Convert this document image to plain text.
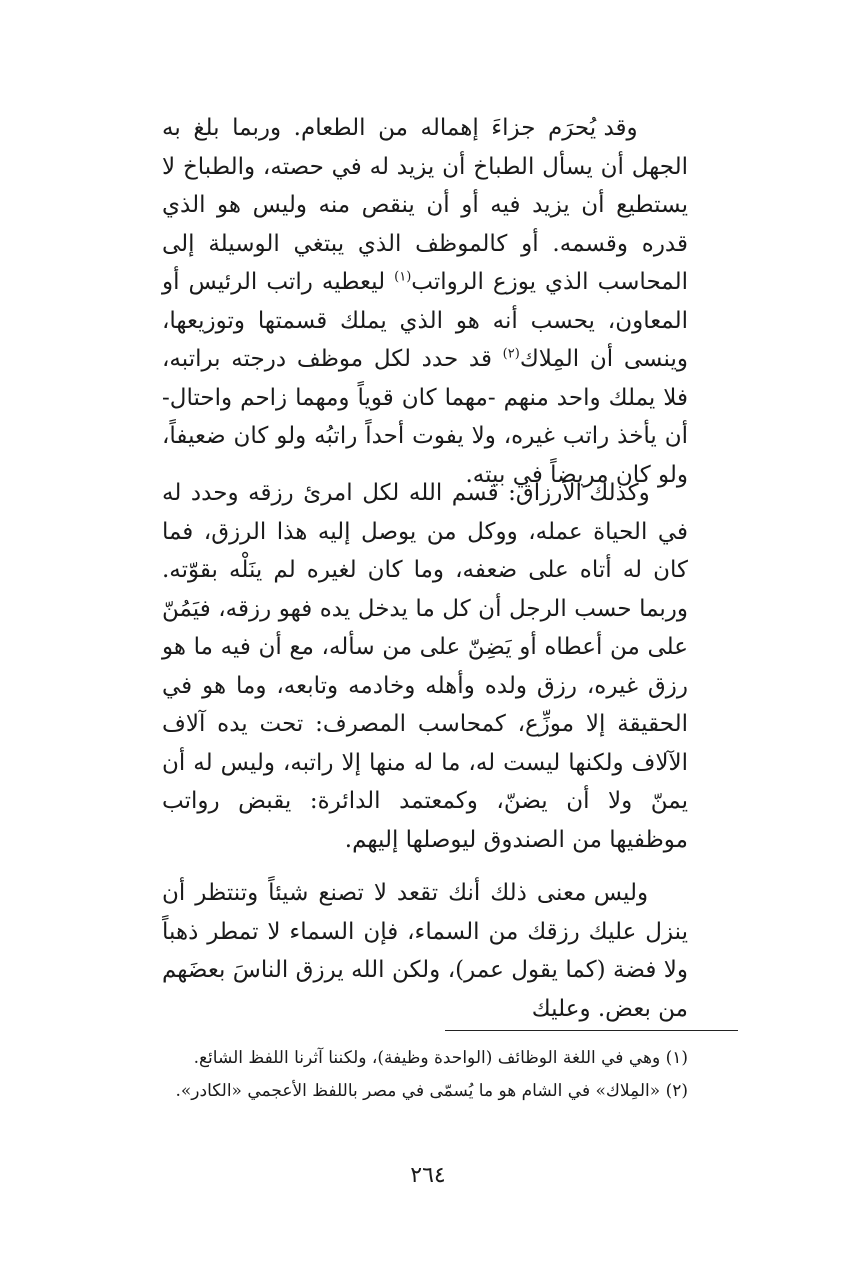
وقد يُحرَم جزاءَ إهماله من الطعام. وربما بلغ به الجهل أن يسأل الطباخ أن يزيد له في حصته، والطباخ لا يستطيع أن يزيد فيه أو أن ينقص منه وليس هو الذي قدره وقسمه. أو كالموظف الذي يبتغي الوسيلة إلى المحاسب الذي يوزع الرواتب$^{(١)}$ ليعطيه راتب الرئيس أو المعاون، يحسب أنه هو الذي يملك قسمتها وتوزيعها، وينسى أن المِلاك$^{(٢)}$ قد حدد لكل موظف درجته براتبه، فلا يملك واحد منهم -مهما كان قوياً ومهما زاحم واحتال- أن يأخذ راتب غيره، ولا يفوت أحداً راتبُه ولو كان ضعيفاً، ولو كان مريضاً في بيته.

وكذلك الأرزاق: قسم الله لكل امرئ رزقه وحدد له في الحياة عمله، ووكل من يوصل إليه هذا الرزق، فما كان له أتاه على ضعفه، وما كان لغيره لم ينَلْه بقوّته. وربما حسب الرجل أن كل ما يدخل يده فهو رزقه، فيَمُنّ على من أعطاه أو يَضِنّ على من سأله، مع أن فيه ما هو رزق غيره، رزق ولده وأهله وخادمه وتابعه، وما هو في الحقيقة إلا موزِّع، كمحاسب المصرف: تحت يده آلاف الآلاف ولكنها ليست له، ما له منها إلا راتبه، وليس له أن يمنّ ولا أن يضنّ، وكمعتمد الدائرة: يقبض رواتب موظفيها من الصندوق ليوصلها إليهم.

وليس معنى ذلك أنك تقعد لا تصنع شيئاً وتنتظر أن ينزل عليك رزقك من السماء، فإن السماء لا تمطر ذهباً ولا فضة (كما يقول عمر)، ولكن الله يرزق الناسَ بعضَهم من بعض. وعليك

(١) وهي في اللغة الوظائف (الواحدة وظيفة)، ولكننا آثرنا اللفظ الشائع.
(٢) «المِلاك» في الشام هو ما يُسمّى في مصر باللفظ الأعجمي «الكادر».

٢٦٤
